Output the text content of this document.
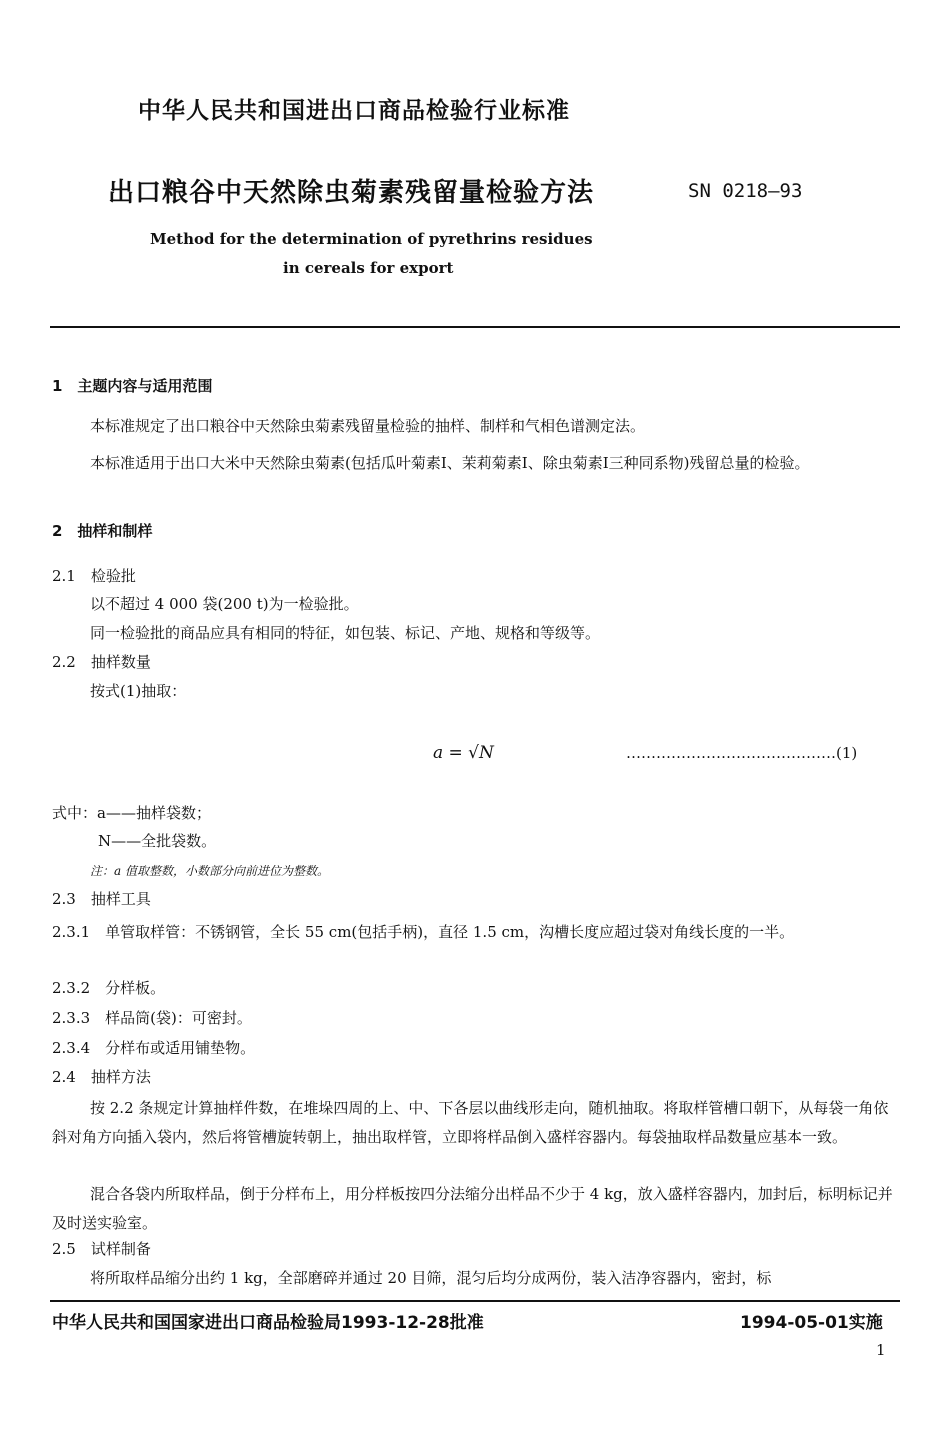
中华人民共和国进出口商品检验行业标准
出口粮谷中天然除虫菊素残留量检验方法	SN 0218—93
Method for the determination of pyrethrins residues
in cereals for export
1　主题内容与适用范围
本标准规定了出口粮谷中天然除虫菊素残留量检验的抽样、制样和气相色谱测定法。
本标准适用于出口大米中天然除虫菊素(包括瓜叶菊素Ⅰ、茉莉菊素Ⅰ、除虫菊素Ⅰ三种同系物)残留总量的检验。
2　抽样和制样
2.1　检验批
以不超过 4 000 袋(200 t)为一检验批。
同一检验批的商品应具有相同的特征，如包装、标记、产地、规格和等级等。
2.2　抽样数量
按式(1)抽取：
a = √N	……………………………………(1)
式中：a——抽样袋数；
N——全批袋数。
注：a 值取整数，小数部分向前进位为整数。
2.3　抽样工具
2.3.1　单管取样管：不锈钢管，全长 55 cm(包括手柄)，直径 1.5 cm，沟槽长度应超过袋对角线长度的一半。
2.3.2　分样板。
2.3.3　样品筒(袋)：可密封。
2.3.4　分样布或适用铺垫物。
2.4　抽样方法
按 2.2 条规定计算抽样件数，在堆垛四周的上、中、下各层以曲线形走向，随机抽取。将取样管槽口朝下，从每袋一角依斜对角方向插入袋内，然后将管槽旋转朝上，抽出取样管，立即将样品倒入盛样容器内。每袋抽取样品数量应基本一致。
混合各袋内所取样品，倒于分样布上，用分样板按四分法缩分出样品不少于 4 kg，放入盛样容器内，加封后，标明标记并及时送实验室。
2.5　试样制备
将所取样品缩分出约 1 kg，全部磨碎并通过 20 目筛，混匀后均分成两份，装入洁净容器内，密封，标
中华人民共和国国家进出口商品检验局1993-12-28批准	1994-05-01实施
1
